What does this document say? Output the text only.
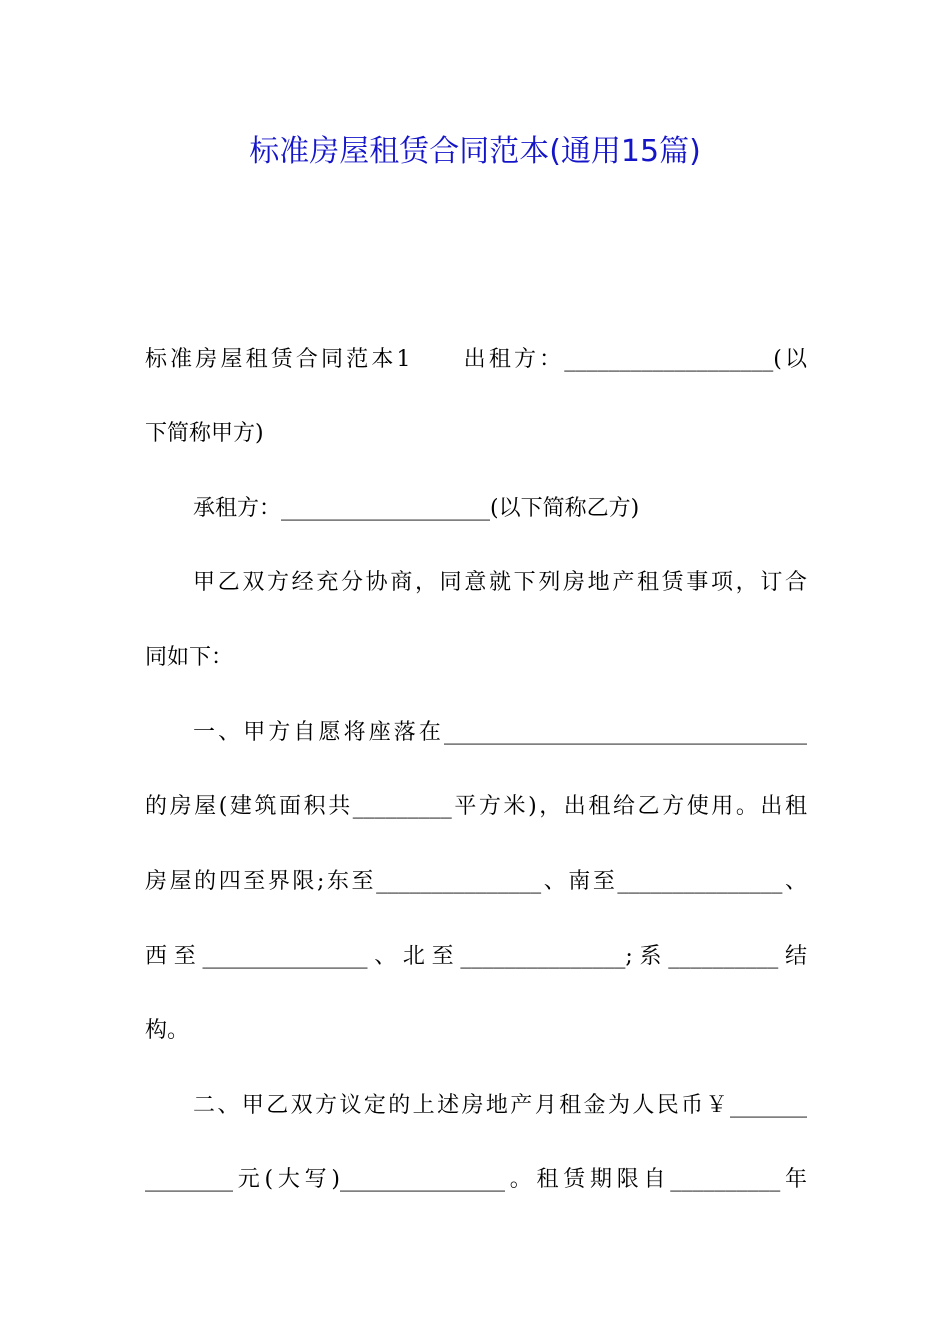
标准房屋租赁合同范本(通用15篇)
标准房屋租赁合同范本1 出租方：___________________(以
下简称甲方)
承租方：___________________(以下简称乙方)
甲乙双方经充分协商，同意就下列房地产租赁事项，订合
同如下：
一、甲方自愿将座落在_________________________________
的房屋(建筑面积共_________平方米)，出租给乙方使用。出租
房屋的四至界限;东至_______________、南至_______________、
西至_______________、北至_______________;系__________结
构。
二、甲乙双方议定的上述房地产月租金为人民币￥_______
________元(大写)_______________。租赁期限自__________年
